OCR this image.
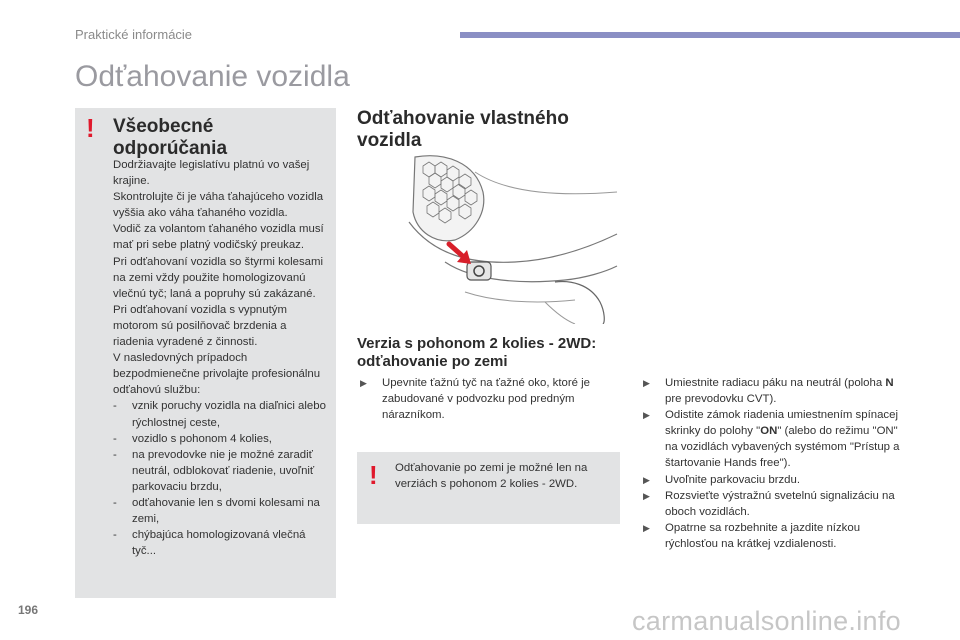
Praktické informácie
Odťahovanie vozidla
! Všeobecné odporúčania

Dodržiavajte legislatívu platnú vo vašej krajine.

Skontrolujte či je váha ťahajúceho vozidla vyššia ako váha ťahaného vozidla.

Vodič za volantom ťahaného vozidla musí mať pri sebe platný vodičský preukaz.

Pri odťahovaní vozidla so štyrmi kolesami na zemi vždy použite homologizovanú vlečnú tyč; laná a popruhy sú zakázané.

Pri odťahovaní vozidla s vypnutým motorom sú posilňovač brzdenia a riadenia vyradené z činnosti.

V nasledovných prípadoch bezpodmienečne privolajte profesionálnu odťahovú službu:

- vznik poruchy vozidla na diaľnici alebo rýchlostnej ceste,
- vozidlo s pohonom 4 kolies,
- na prevodovke nie je možné zaradiť neutrál, odblokovať riadenie, uvoľniť parkovaciu brzdu,
- odťahovanie len s dvomi kolesami na zemi,
- chýbajúca homologizovaná vlečná tyč...
Odťahovanie vlastného vozidla
Verzia s pohonom 2 kolies - 2WD: odťahovanie po zemi
▶ Upevnite ťažnú tyč na ťažné oko, ktoré je zabudované v podvozku pod predným nárazníkom.
! Odťahovanie po zemi je možné len na verziách s pohonom 2 kolies - 2WD.

▶ Umiestnite radiacu páku na neutrál (poloha N pre prevodovku CVT).
▶ Odistite zámok riadenia umiestnením spínacej skrinky do polohy "ON" (alebo do režimu "ON" na vozidlách vybavených systémom "Prístup a štartovanie Hands free").
▶ Uvoľnite parkovaciu brzdu.
▶ Rozsvieťte výstražnú svetelnú signalizáciu na oboch vozidlách.
▶ Opatrne sa rozbehnite a jazdite nízkou rýchlosťou na krátkej vzdialenosti.
196	carmanualsonline.info
